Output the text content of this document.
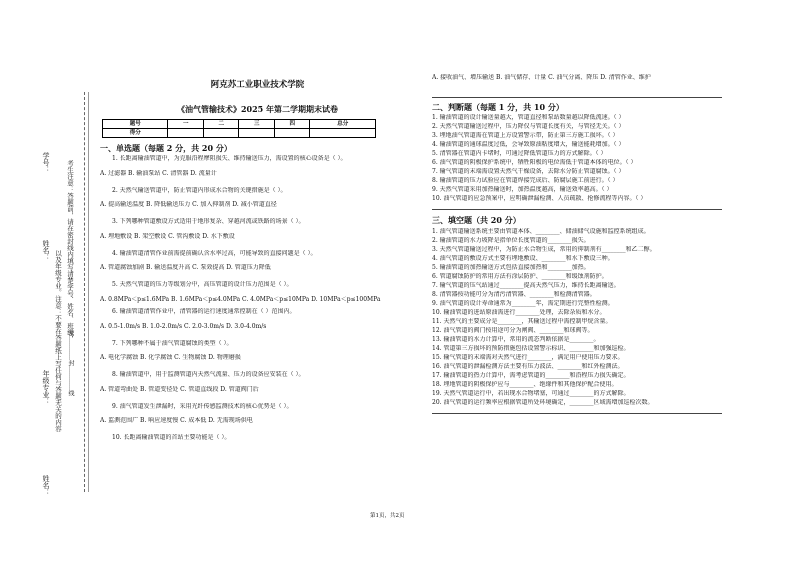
学号： 考生注意：答题前，请在密封线内填写清楚学号、姓名、班级，
姓名： 以及年级专业。注意：不要在答题纸上写任何与答题无关的内容
年级专业：	密…………封…………线
姓名：
阿克苏工业职业技术学院
《油气管输技术》2025 年第二学期期末试卷
题号	一	二	三	四	总分
得分					
一、单选题（每题 2 分，共 20 分）
1. 长距离输油管道中，为克服沿程摩阻损失、维持输送压力，需设置的核心设备是（ ）。
A. 过滤器 B. 输油泵站 C. 清管器 D. 流量计
2. 天然气输送管道中，防止管道内形成水合物的关键措施是（ ）。
A. 提高输送温度 B. 降低输送压力 C. 加入抑制剂 D. 减小管道直径
3. 下列哪种管道敷设方式适用于地形复杂、穿越河流或铁路的场景（ ）。
A. 埋地敷设 B. 架空敷设 C. 管沟敷设 D. 水下敷设
4. 输油管道清管作业前需提前确认含水率过高，可能导致的直接问题是（ ）。
A. 管道腐蚀加剧 B. 输送温度升高 C. 泵效提高 D. 管道压力降低
5. 天然气管道的压力等级划分中，高压管道的设计压力范围是（ ）。
A. 0.8MPa＜p≤1.6MPa B. 1.6MPa＜p≤4.0MPa C. 4.0MPa＜p≤10MPa D. 10MPa＜p≤100MPa
6. 输油管道清管作业中，清管器的运行速度通常控制在（ ）范围内。
A. 0.5-1.0m/s B. 1.0-2.0m/s C. 2.0-3.0m/s D. 3.0-4.0m/s
7. 下列哪种不属于油气管道腐蚀的类型（ ）。
A. 电化学腐蚀 B. 化学腐蚀 C. 生物腐蚀 D. 物理磨损
8. 输油管道中，用于监测管道内天然气流量、压力的设备应安装在（ ）。
A. 管道弯曲处 B. 管道变径处 C. 管道直线段 D. 管道阀门后
9. 油气管道发生泄漏时，采用光纤传感监测技术的核心优势是（ ）。
A. 监测范围广 B. 响应速度慢 C. 成本低 D. 无需现场供电
10. 长距离输油管道的首站主要功能是（ ）。
A. 接收油气、增压输送 B. 油气储存、计量 C. 油气分离、降压 D. 清管作业、维护
二、判断题（每题 1 分，共 10 分）
1. 输油管道的设计输送量越大，管道直径和泵站数量越以降低流速。（ ）
2. 天然气管道输送过程中，压力降仅与管道长度有关，与管径无关。（ ）
3. 埋地油气管道需在管道上方设置警示带，防止第三方施工损坏。（ ）
4. 输油管道的通球温度过低，会导致原油粘度增大，输送能耗增加。（ ）
5. 清管器在管道内卡堵时，可通过降低管道压力的方式解除。（ ）
6. 油气管道的阴极保护系统中，牺牲阳极的电位需低于管道本体的电位。（ ）
7. 输气管道的末端需设置天然气干燥设备，去除水分防止管道腐蚀。（ ）
8. 输油管道的压力试验应在管道焊接完成后、防腐层施工前进行。（ ）
9. 天然气管道采用加热输送时，加热温度越高，输送效率越高。（ ）
10. 油气管道的应急预案中，应明确泄漏检测、人员疏散、抢修流程等内容。（ ）
三、填空题（共 20 分）
1. 油气管道输送系统主要由管道本体、________、储油储气设施和监控系统组成。
2. 输油管道的水力坡降是指单位长度管道的________损失。
3. 天然气管道输送过程中，为防止水合物生成，常用的抑制剂有________和乙二醇。
4. 油气管道的敷设方式主要有埋地敷设、________和水下敷设三种。
5. 输油管道的加热输送方式包括直接加热和________加热。
6. 管道腐蚀防护的常用方法有涂层防护、________和缓蚀剂防护。
7. 输气管道的压气站通过________提高天然气压力，维持长距离输送。
8. 清管器按功能可分为清污清管器、________和检测清管器。
9. 油气管道的设计寿命通常为________年，需定期进行完整性检测。
10. 输油管道的进站原油需进行________处理，去除杂质和水分。
11. 天然气的主要成分是________，其输送过程中需控制甲烷含量。
12. 油气管道的阀门按用途可分为闸阀、________和球阀等。
13. 输油管道的水力计算中，常用的流态判断依据是________。
14. 管道第三方损坏的预防措施包括设置警示标识、________和加强巡检。
15. 输气管道的末端需对天然气进行________，满足用户使用压力要求。
16. 油气管道的泄漏检测方法主要有压力波法、________和红外检测法。
17. 输油管道的热力计算中，需考虑管道的________和沿程压力损失确定。
18. 埋地管道的阴极保护应与________、绝缘件和其他保护配合使用。
19. 天然气管道运行中，若出现水合物堵塞，可通过________的方式解除。
20. 油气管道的运行频率应根据管道所处环境确定，________区域需增加巡检次数。
第1页，共2页
